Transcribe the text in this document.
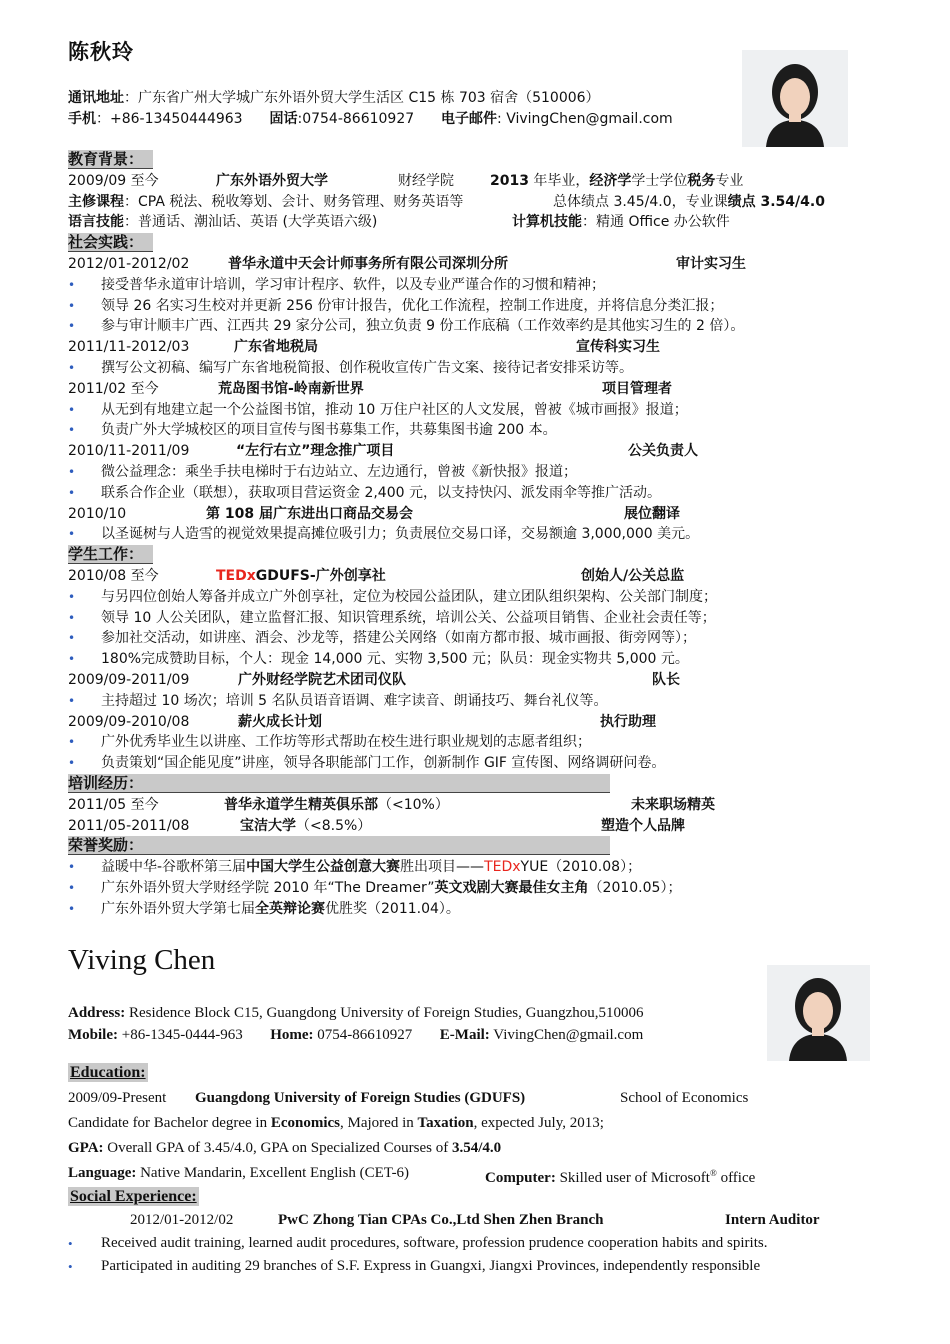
陈秋玲
通讯地址：广东省广州大学城广东外语外贸大学生活区 C15 栋 703 宿舍（510006）
手机：+86-13450444963 固话:0754-86610927 电子邮件: VivingChen@gmail.com
教育背景：
2009/09 至今	广东外语外贸大学	财经学院	2013 年毕业，经济学学士学位税务专业
主修课程：CPA 税法、税收筹划、会计、财务管理、财务英语等	总体绩点 3.45/4.0，专业课绩点 3.54/4.0
语言技能：普通话、潮汕话、英语 (大学英语六级)	计算机技能：精通 Office 办公软件
社会实践：
2012/01-2012/02	普华永道中天会计师事务所有限公司深圳分所	审计实习生
• 接受普华永道审计培训，学习审计程序、软件，以及专业严谨合作的习惯和精神；
• 领导 26 名实习生校对并更新 256 份审计报告，优化工作流程，控制工作进度，并将信息分类汇报；
• 参与审计顺丰广西、江西共 29 家分公司，独立负责 9 份工作底稿（工作效率约是其他实习生的 2 倍）。
2011/11-2012/03	广东省地税局	宣传科实习生
• 撰写公文初稿、编写广东省地税简报、创作税收宣传广告文案、接待记者安排采访等。
2011/02 至今	荒岛图书馆-岭南新世界	项目管理者
• 从无到有地建立起一个公益图书馆，推动 10 万住户社区的人文发展，曾被《城市画报》报道；
• 负责广外大学城校区的项目宣传与图书募集工作，共募集图书逾 200 本。
2010/11-2011/09	“左行右立”理念推广项目	公关负责人
• 微公益理念：乘坐手扶电梯时于右边站立、左边通行，曾被《新快报》报道；
• 联系合作企业（联想），获取项目营运资金 2,400 元，以支持快闪、派发雨伞等推广活动。
2010/10	第 108 届广东进出口商品交易会	展位翻译
• 以圣诞树与人造雪的视觉效果提高摊位吸引力；负责展位交易口译，交易额逾 3,000,000 美元。
学生工作：
2010/08 至今	TEDxGDUFS-广外创享社	创始人/公关总监
• 与另四位创始人筹备并成立广外创享社，定位为校园公益团队，建立团队组织架构、公关部门制度；
• 领导 10 人公关团队，建立监督汇报、知识管理系统，培训公关、公益项目销售、企业社会责任等；
• 参加社交活动，如讲座、酒会、沙龙等，搭建公关网络（如南方都市报、城市画报、街旁网等）；
• 180%完成赞助目标，个人：现金 14,000 元、实物 3,500 元；队员：现金实物共 5,000 元。
2009/09-2011/09	广外财经学院艺术团司仪队	队长
• 主持超过 10 场次；培训 5 名队员语音语调、难字读音、朗诵技巧、舞台礼仪等。
2009/09-2010/08	薪火成长计划	执行助理
• 广外优秀毕业生以讲座、工作坊等形式帮助在校生进行职业规划的志愿者组织；
• 负责策划“国企能见度”讲座，领导各职能部门工作，创新制作 GIF 宣传图、网络调研问卷。
培训经历：
2011/05 至今	普华永道学生精英俱乐部（<10%）	未来职场精英
2011/05-2011/08	宝洁大学（<8.5%）	塑造个人品牌
荣誉奖励：
• 益暖中华-谷歌杯第三届中国大学生公益创意大赛胜出项目——TEDxYUE（2010.08）；
• 广东外语外贸大学财经学院 2010 年“The Dreamer”英文戏剧大赛最佳女主角（2010.05）；
• 广东外语外贸大学第七届全英辩论赛优胜奖（2011.04）。
Viving Chen
Address: Residence Block C15, Guangdong University of Foreign Studies, Guangzhou,510006
Mobile: +86-1345-0444-963 Home: 0754-86610927 E-Mail: VivingChen@gmail.com
Education:
2009/09-Present Guangdong University of Foreign Studies (GDUFS)	School of Economics
Candidate for Bachelor degree in Economics, Majored in Taxation, expected July, 2013;
GPA: Overall GPA of 3.45/4.0, GPA on Specialized Courses of 3.54/4.0
Language: Native Mandarin, Excellent English (CET-6)	Computer: Skilled user of Microsoft® office
Social Experience:
2012/01-2012/02	PwC Zhong Tian CPAs Co.,Ltd Shen Zhen Branch	Intern Auditor
• Received audit training, learned audit procedures, software, profession prudence cooperation habits and spirits.
• Participated in auditing 29 branches of S.F. Express in Guangxi, Jiangxi Provinces, independently responsible
